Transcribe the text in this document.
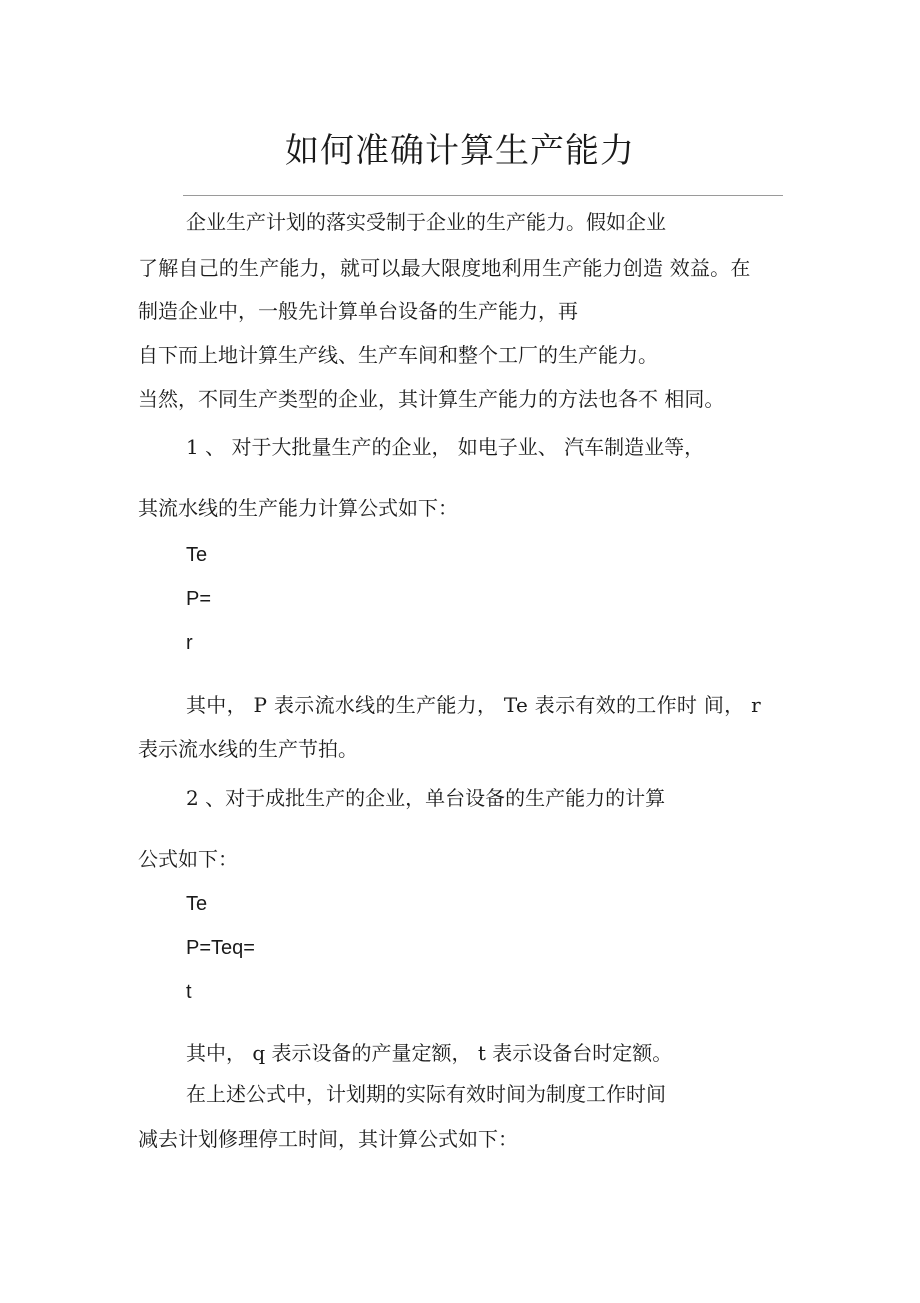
如何准确计算生产能力
企业生产计划的落实受制于企业的生产能力。假如企业
了解自己的生产能力，就可以最大限度地利用生产能力创造 效益。在
制造企业中，一般先计算单台设备的生产能力，再
自下而上地计算生产线、生产车间和整个工厂的生产能力。
当然，不同生产类型的企业，其计算生产能力的方法也各不 相同。
1 、 对于大批量生产的企业， 如电子业、 汽车制造业等，
其流水线的生产能力计算公式如下：
Te
P=
r
其中， P 表示流水线的生产能力， Te 表示有效的工作时 间， r
表示流水线的生产节拍。
2 、对于成批生产的企业，单台设备的生产能力的计算
公式如下：
Te
P=Teq=
t
其中， q 表示设备的产量定额， t 表示设备台时定额。
在上述公式中，计划期的实际有效时间为制度工作时间
减去计划修理停工时间，其计算公式如下：
